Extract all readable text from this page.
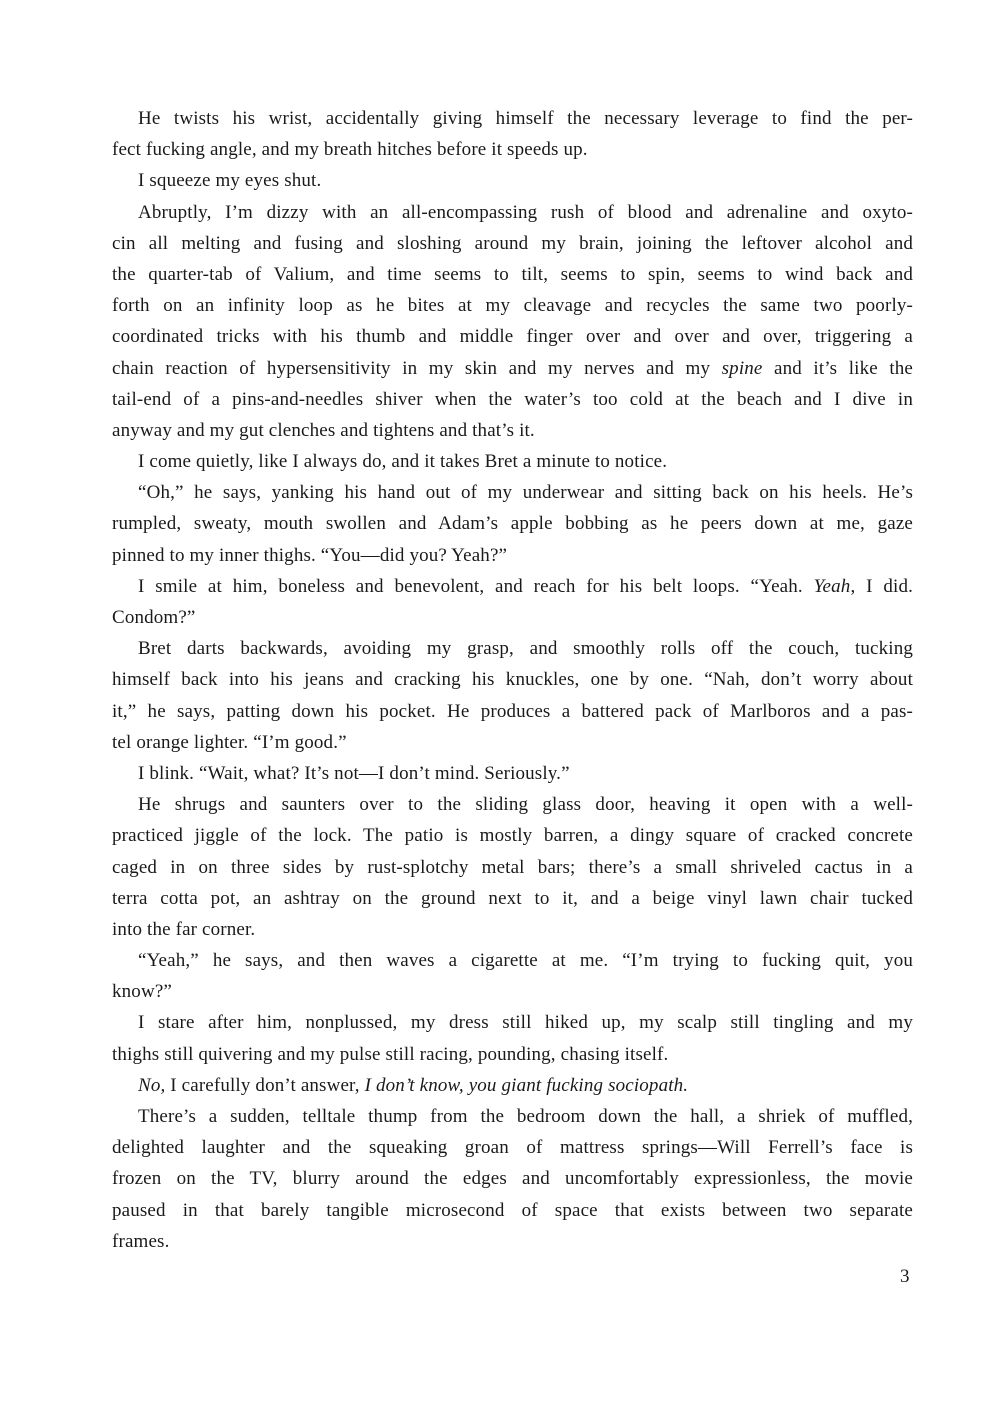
He twists his wrist, accidentally giving himself the necessary leverage to find the per-
fect fucking angle, and my breath hitches before it speeds up.
I squeeze my eyes shut.
Abruptly, I’m dizzy with an all-encompassing rush of blood and adrenaline and oxyto-
cin all melting and fusing and sloshing around my brain, joining the leftover alcohol and
the quarter-tab of Valium, and time seems to tilt, seems to spin, seems to wind back and
forth on an infinity loop as he bites at my cleavage and recycles the same two poorly-
coordinated tricks with his thumb and middle finger over and over and over, triggering a
chain reaction of hypersensitivity in my skin and my nerves and my spine and it’s like the
tail-end of a pins-and-needles shiver when the water’s too cold at the beach and I dive in
anyway and my gut clenches and tightens and that’s it.
I come quietly, like I always do, and it takes Bret a minute to notice.
“Oh,” he says, yanking his hand out of my underwear and sitting back on his heels. He’s
rumpled, sweaty, mouth swollen and Adam’s apple bobbing as he peers down at me, gaze
pinned to my inner thighs. “You—did you? Yeah?”
I smile at him, boneless and benevolent, and reach for his belt loops. “Yeah. Yeah, I did.
Condom?”
Bret darts backwards, avoiding my grasp, and smoothly rolls off the couch, tucking
himself back into his jeans and cracking his knuckles, one by one. “Nah, don’t worry about
it,” he says, patting down his pocket. He produces a battered pack of Marlboros and a pas-
tel orange lighter. “I’m good.”
I blink. “Wait, what? It’s not—I don’t mind. Seriously.”
He shrugs and saunters over to the sliding glass door, heaving it open with a well-
practiced jiggle of the lock. The patio is mostly barren, a dingy square of cracked concrete
caged in on three sides by rust-splotchy metal bars; there’s a small shriveled cactus in a
terra cotta pot, an ashtray on the ground next to it, and a beige vinyl lawn chair tucked
into the far corner.
“Yeah,” he says, and then waves a cigarette at me. “I’m trying to fucking quit, you
know?”
I stare after him, nonplussed, my dress still hiked up, my scalp still tingling and my
thighs still quivering and my pulse still racing, pounding, chasing itself.
No, I carefully don’t answer, I don’t know, you giant fucking sociopath.
There’s a sudden, telltale thump from the bedroom down the hall, a shriek of muffled,
delighted laughter and the squeaking groan of mattress springs—Will Ferrell’s face is
frozen on the TV, blurry around the edges and uncomfortably expressionless, the movie
paused in that barely tangible microsecond of space that exists between two separate
frames.
3
